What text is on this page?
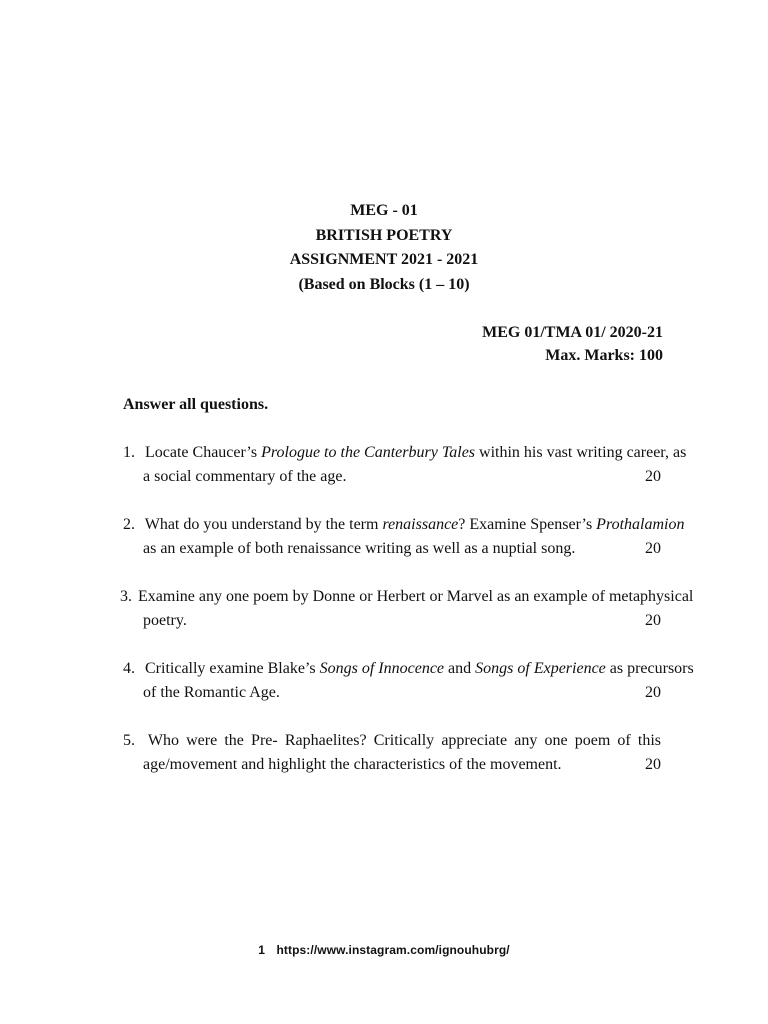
MEG - 01
BRITISH POETRY
ASSIGNMENT 2021 - 2021
(Based on Blocks (1 – 10)
MEG 01/TMA 01/ 2020-21
Max. Marks: 100
Answer all questions.
1. Locate Chaucer’s Prologue to the Canterbury Tales within his vast writing career, as
a social commentary of the age.	20
2. What do you understand by the term renaissance? Examine Spenser’s Prothalamion
as an example of both renaissance writing as well as a nuptial song.	20
3. Examine any one poem by Donne or Herbert or Marvel as an example of metaphysical
poetry.	20
4. Critically examine Blake’s Songs of Innocence and Songs of Experience as precursors
of the Romantic Age.	20
5. Who were the Pre- Raphaelites? Critically appreciate any one poem of this
age/movement and highlight the characteristics of the movement.	20
1 https://www.instagram.com/ignouhubrg/
